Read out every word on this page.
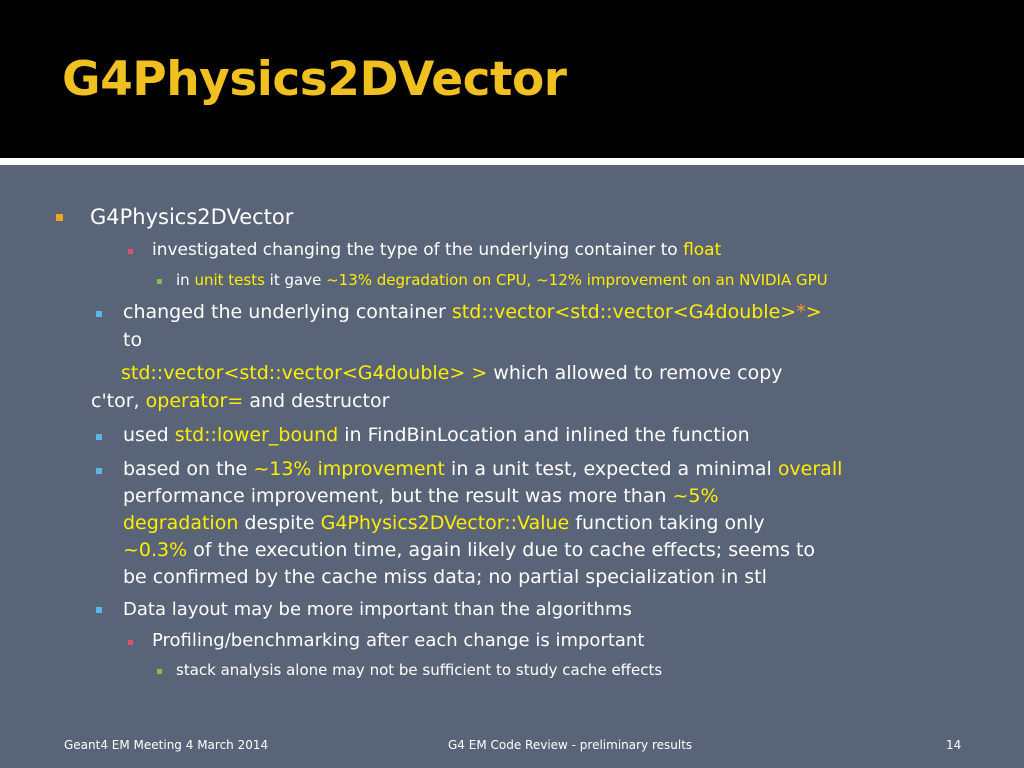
G4Physics2DVector
G4Physics2DVector
investigated changing the type of the underlying container to float
in unit tests it gave ~13% degradation on CPU, ~12% improvement on an NVIDIA GPU
changed the underlying container std::vector<std::vector<G4double>*>
to
std::vector<std::vector<G4double> > which allowed to remove copy
c'tor, operator= and destructor
used std::lower_bound in FindBinLocation and inlined the function
based on the ~13% improvement in a unit test, expected a minimal overall
performance improvement, but the result was more than ~5%
degradation despite G4Physics2DVector::Value function taking only
~0.3% of the execution time, again likely due to cache effects; seems to
be confirmed by the cache miss data; no partial specialization in stl
Data layout may be more important than the algorithms
Profiling/benchmarking after each change is important
stack analysis alone may not be sufficient to study cache effects
Geant4 EM Meeting 4 March 2014	G4 EM Code Review - preliminary results	14
